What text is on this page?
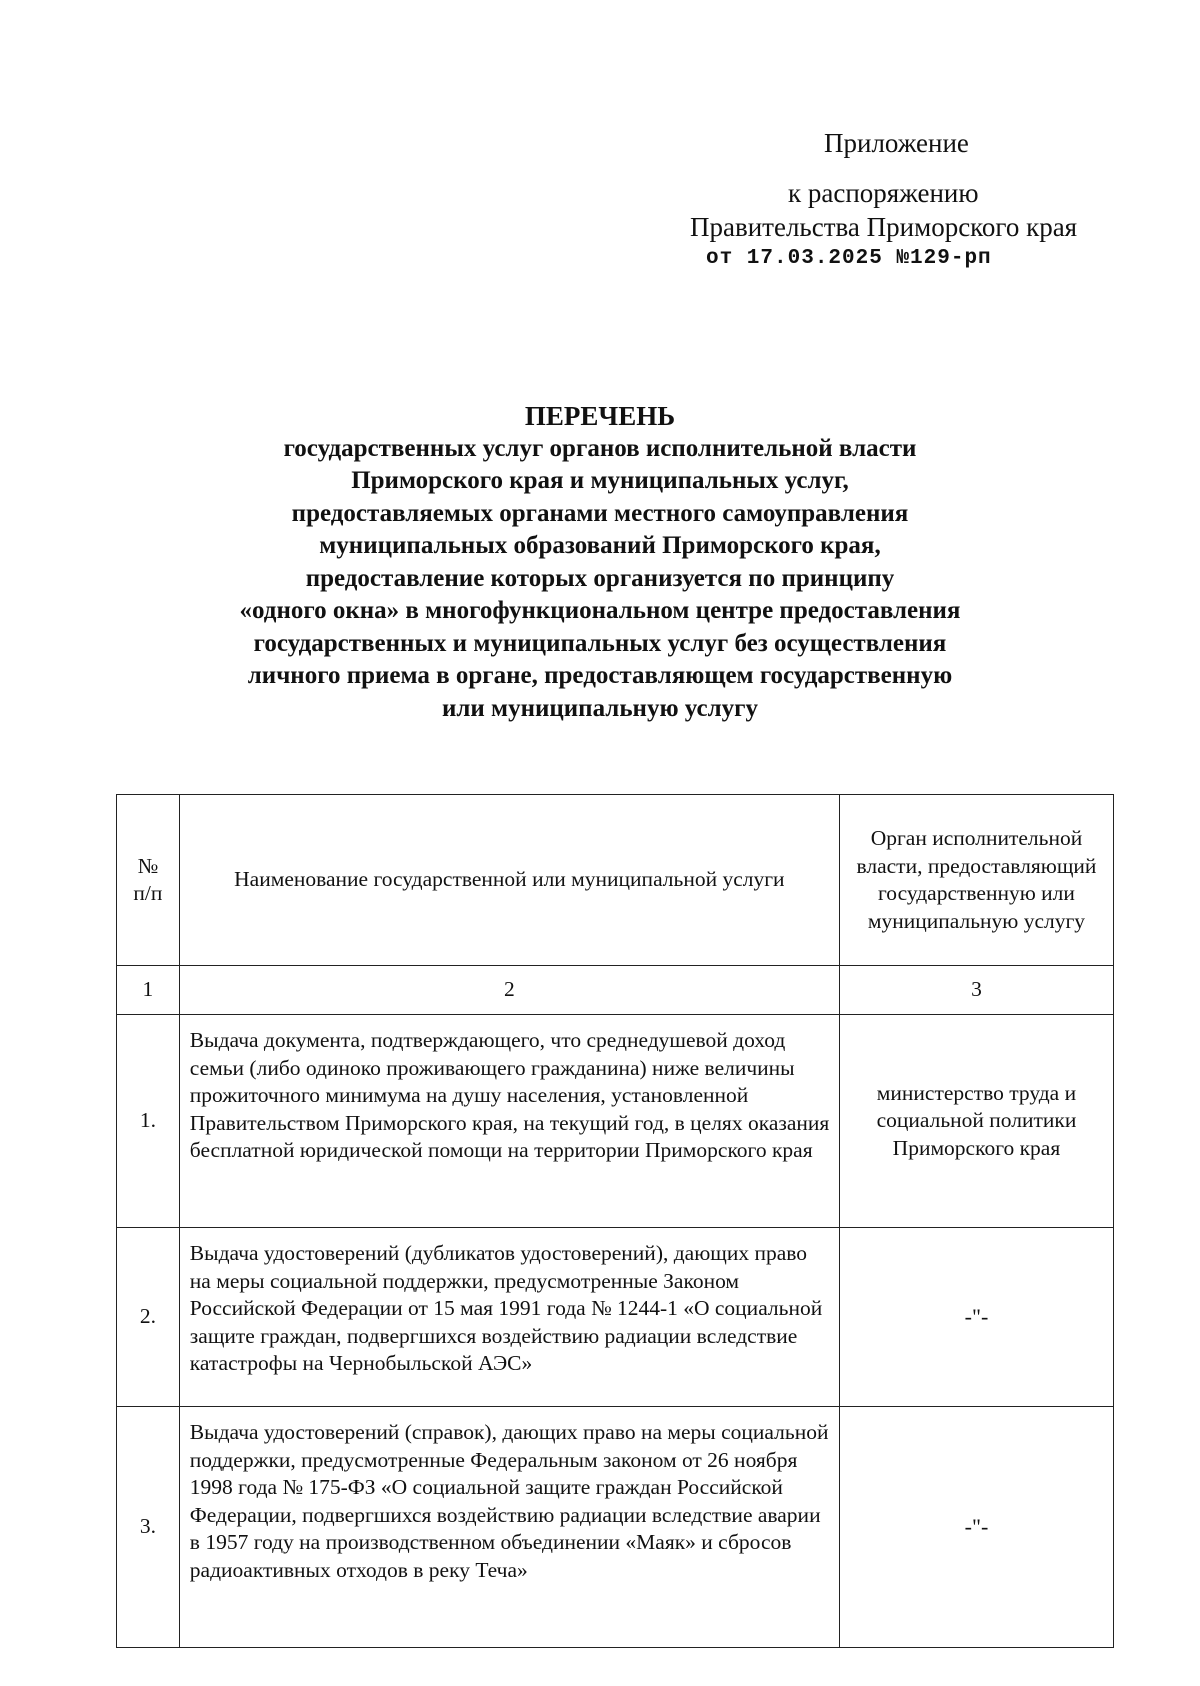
Приложение
к распоряжению
Правительства Приморского края
от 17.03.2025 №129-рп
ПЕРЕЧЕНЬ
государственных услуг органов исполнительной власти
Приморского края и муниципальных услуг,
предоставляемых органами местного самоуправления
муниципальных образований Приморского края,
предоставление которых организуется по принципу
«одного окна» в многофункциональном центре предоставления
государственных и муниципальных услуг без осуществления
личного приема в органе, предоставляющем государственную
или муниципальную услугу
№
п/п	Наименование государственной или муниципальной услуги	Орган исполнительной власти, предоставляющий государственную или муниципальную услугу
1	2	3
1.	Выдача документа, подтверждающего, что среднедушевой доход семьи (либо одиноко проживающего гражданина) ниже величины прожиточного минимума на душу населения, установленной Правительством Приморского края, на текущий год, в целях оказания бесплатной юридической помощи на территории Приморского края	министерство труда и социальной политики Приморского края
2.	Выдача удостоверений (дубликатов удостоверений), дающих право на меры социальной поддержки, предусмотренные Законом Российской Федерации от 15 мая 1991 года № 1244-1 «О социальной защите граждан, подвергшихся воздействию радиации вследствие катастрофы на Чернобыльской АЭС»	-"-
3.	Выдача удостоверений (справок), дающих право на меры социальной поддержки, предусмотренные Федеральным законом от 26 ноября 1998 года № 175-ФЗ «О социальной защите граждан Российской Федерации, подвергшихся воздействию радиации вследствие аварии в 1957 году на производственном объединении «Маяк» и сбросов радиоактивных отходов в реку Теча»	-"-
